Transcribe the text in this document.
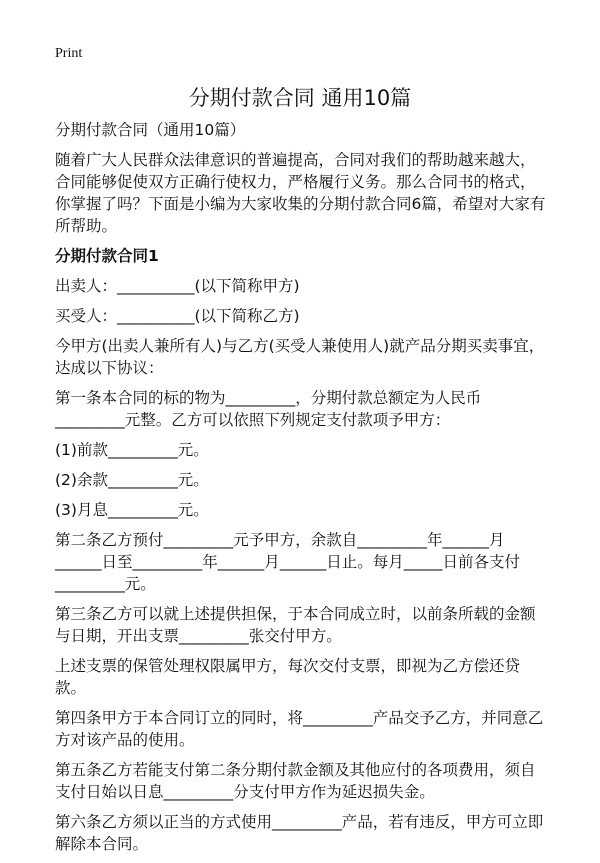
Print
分期付款合同 通用10篇

分期付款合同（通用10篇）

随着广大人民群众法律意识的普遍提高，合同对我们的帮助越来越大，合同能够促使双方正确行使权力，严格履行义务。那么合同书的格式，你掌握了吗？下面是小编为大家收集的分期付款合同6篇，希望对大家有所帮助。

分期付款合同1

出卖人：__________(以下简称甲方)

买受人：__________(以下简称乙方)

今甲方(出卖人兼所有人)与乙方(买受人兼使用人)就产品分期买卖事宜，达成以下协议：

第一条本合同的标的物为_________，分期付款总额定为人民币_________元整。乙方可以依照下列规定支付款项予甲方：

(1)前款_________元。

(2)余款_________元。

(3)月息_________元。

第二条乙方预付_________元予甲方，余款自_________年______月______日至_________年______月______日止。每月_____日前各支付_________元。

第三条乙方可以就上述提供担保，于本合同成立时，以前条所载的金额与日期，开出支票_________张交付甲方。

上述支票的保管处理权限属甲方，每次交付支票，即视为乙方偿还贷款。

第四条甲方于本合同订立的同时，将_________产品交予乙方，并同意乙方对该产品的使用。

第五条乙方若能支付第二条分期付款金额及其他应付的各项费用，须自支付日始以日息_________分支付甲方作为延迟损失金。

第六条乙方须以正当的方式使用_________产品，若有违反，甲方可立即解除本合同。
